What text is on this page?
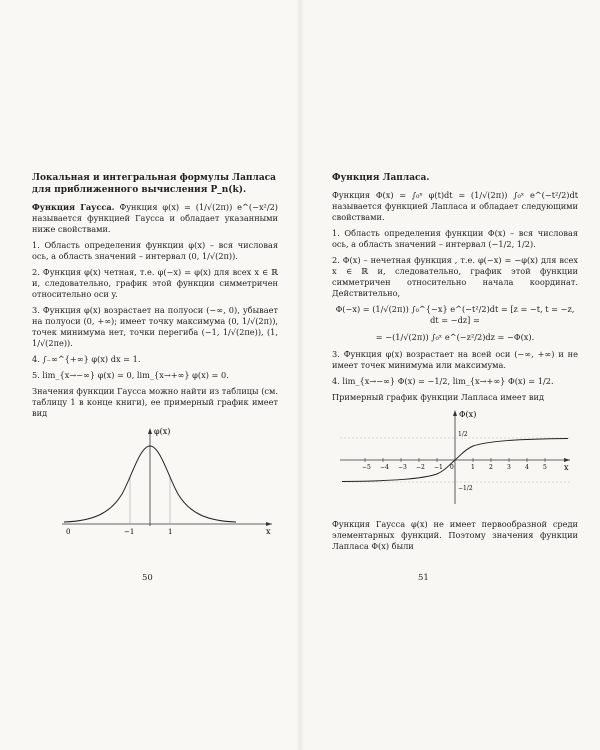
Локальная и интегральная формулы Лапласа для приближенного вычисления P_n(k).
Функция Гаусса. Функция φ(x) = (1/√(2π)) e^(−x²/2) называется функцией Гаусса и обладает указанными ниже свойствами.
1. Область определения функции φ(x) – вся числовая ось, а область значений – интервал (0, 1/√(2π)).
2. Функция φ(x) четная, т.е. φ(−x) = φ(x) для всех x ∈ ℝ и, следовательно, график этой функции симметричен относительно оси y.
3. Функция φ(x) возрастает на полуоси (−∞, 0), убывает на полуоси (0, +∞); имеет точку максимума (0, 1/√(2π)), точек минимума нет, точки перегиба (−1, 1/√(2πe)), (1, 1/√(2πe)).
4. ∫₋∞^{+∞} φ(x) dx = 1.
5. lim_{x→−∞} φ(x) = 0, lim_{x→+∞} φ(x) = 0.
Значения функции Гаусса можно найти из таблицы (см. таблицу 1 в конце книги), ее примерный график имеет вид
φ(x)
x
0	−1	1
50
Функция Лапласа.
Функция Φ(x) = ∫₀ˣ φ(t)dt = (1/√(2π)) ∫₀ˣ e^(−t²/2)dt называется функцией Лапласа и обладает следующими свойствами.
1. Область определения функции Φ(x) – вся числовая ось, а область значений – интервал (−1/2, 1/2).
2. Φ(x) – нечетная функция , т.е. φ(−x) = −φ(x) для всех x ∈ ℝ и, следовательно, график этой функции симметричен относительно начала координат. Действительно,
Φ(−x) = (1/√(2π)) ∫₀^{−x} e^(−t²/2)dt = [z = −t, t = −z, dt = −dz] =
= −(1/√(2π)) ∫₀ˣ e^(−z²/2)dz = −Φ(x).
3. Функция φ(x) возрастает на всей оси (−∞, +∞) и не имеет точек минимума или максимума.
4. lim_{x→−∞} Φ(x) = −1/2, lim_{x→+∞} Φ(x) = 1/2.
Примерный график функции Лапласа имеет вид
Φ(x)
x
−5 −4 −3 −2 −1 0	1 2 3 4 5
1/2
−1/2
Функция Гаусса φ(x) не имеет первообразной среди элементарных функций. Поэтому значения функции Лапласа Φ(x) были
51
